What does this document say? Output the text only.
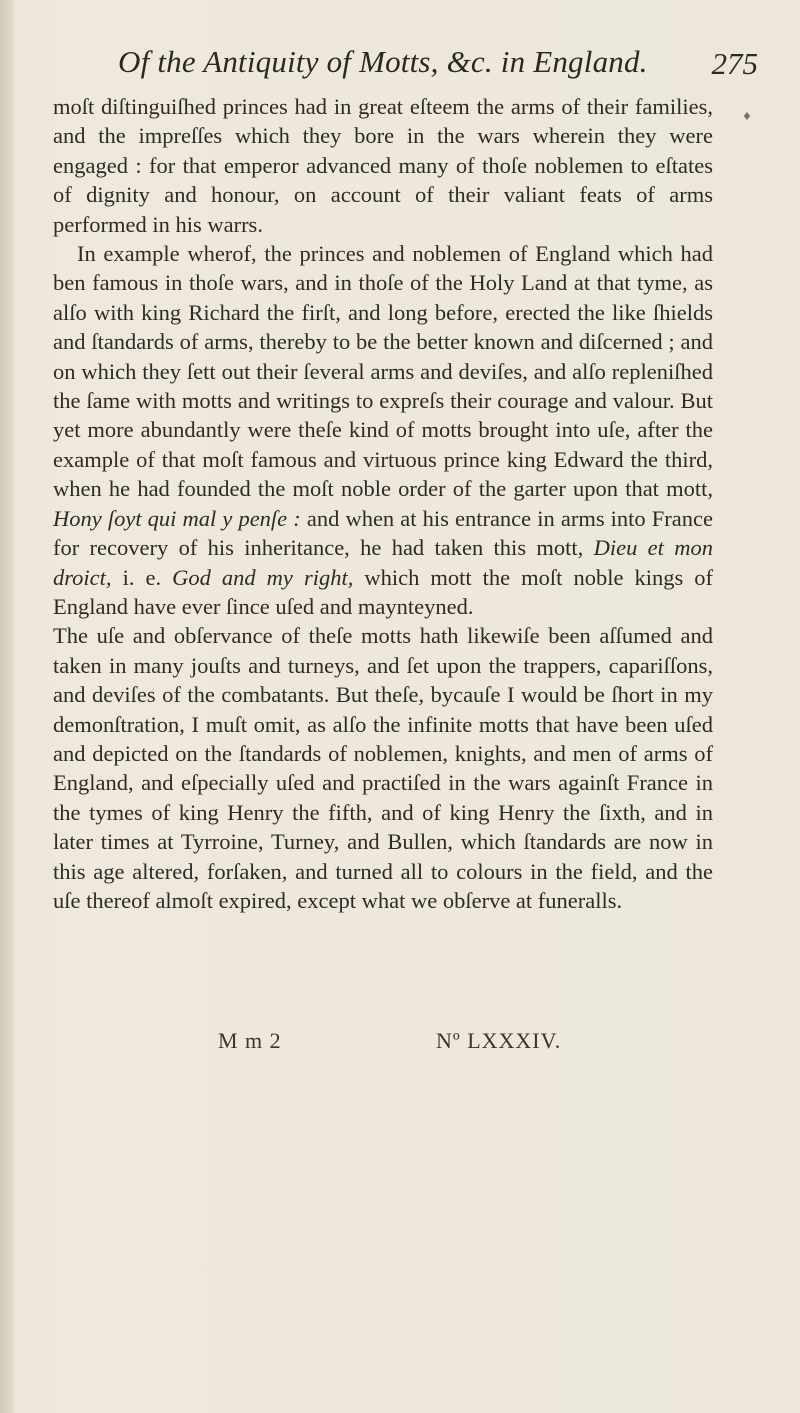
Of the Antiquity of Motts, &c. in England. 275
♦

moſt diſtinguiſhed princes had in great eſteem the arms of their families, and the impreſſes which they bore in the wars wherein they were engaged : for that emperor advanced many of thoſe noblemen to eſtates of dignity and honour, on account of their valiant feats of arms performed in his warrs.

In example wherof, the princes and noblemen of England which had ben famous in thoſe wars, and in thoſe of the Holy Land at that tyme, as alſo with king Richard the firſt, and long before, erected the like ſhields and ſtandards of arms, thereby to be the better known and diſcerned ; and on which they ſett out their ſeveral arms and deviſes, and alſo repleniſhed the ſame with motts and writings to expreſs their courage and valour. But yet more abundantly were theſe kind of motts brought into uſe, after the example of that moſt famous and virtuous prince king Edward the third, when he had founded the moſt noble order of the garter upon that mott, Hony ſoyt qui mal y penſe : and when at his entrance in arms into France for recovery of his inheritance, he had taken this mott, Dieu et mon droict, i. e. God and my right, which mott the moſt noble kings of England have ever ſince uſed and maynteyned.

The uſe and obſervance of theſe motts hath likewiſe been aſſumed and taken in many jouſts and turneys, and ſet upon the trappers, capariſſons, and deviſes of the combatants. But theſe, bycauſe I would be ſhort in my demonſtration, I muſt omit, as alſo the infinite motts that have been uſed and depicted on the ſtandards of noblemen, knights, and men of arms of England, and eſpecially uſed and practiſed in the wars againſt France in the tymes of king Henry the fifth, and of king Henry the ſixth, and in later times at Tyrroine, Turney, and Bullen, which ſtandards are now in this age altered, forſaken, and turned all to colours in the field, and the uſe thereof almoſt expired, except what we obſerve at funeralls.

M m 2	Nº LXXXIV.
